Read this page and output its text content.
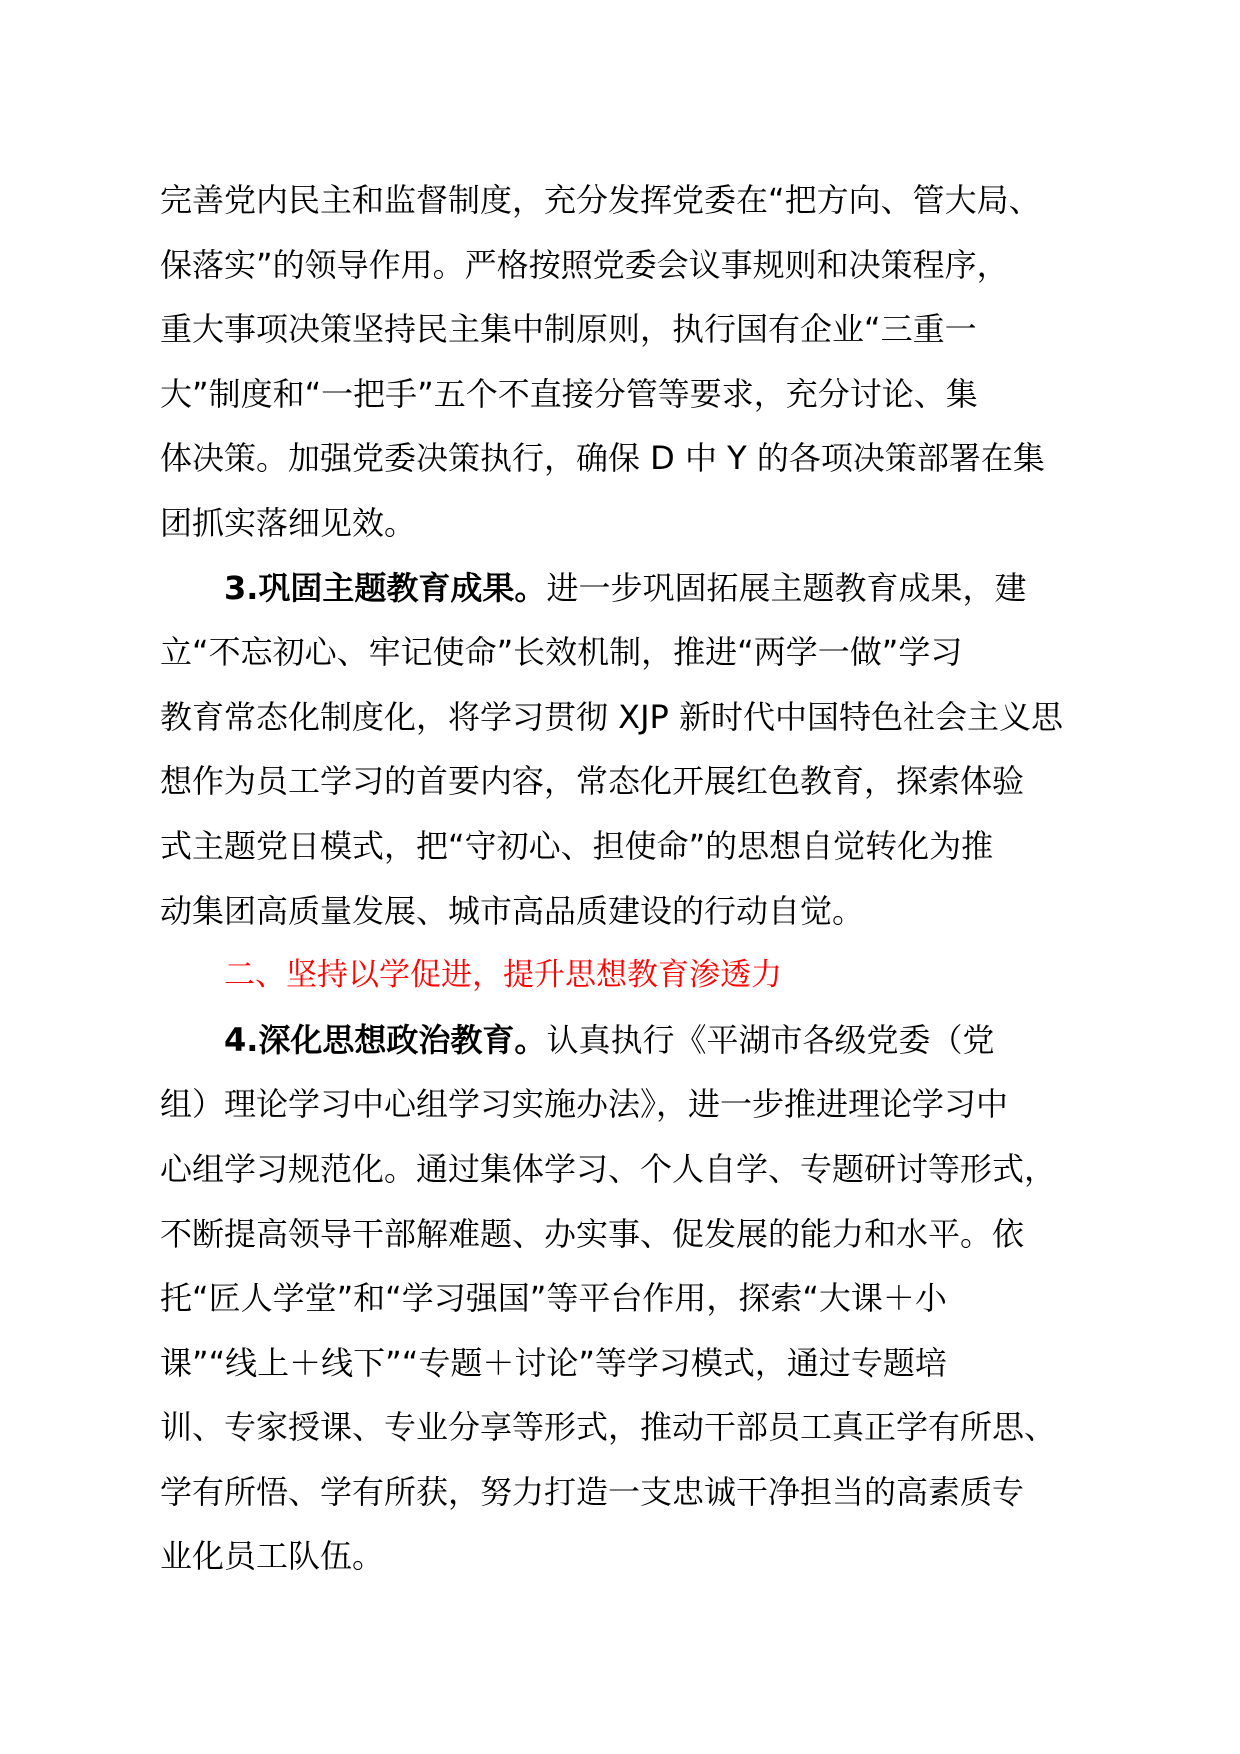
完善党内民主和监督制度，充分发挥党委在“把方向、管大局、
保落实”的领导作用。严格按照党委会议事规则和决策程序，
重大事项决策坚持民主集中制原则，执行国有企业“三重一
大”制度和“一把手”五个不直接分管等要求，充分讨论、集
体决策。加强党委决策执行，确保 D 中 Y 的各项决策部署在集
团抓实落细见效。
3.巩固主题教育成果。进一步巩固拓展主题教育成果，建
立“不忘初心、牢记使命”长效机制，推进“两学一做”学习
教育常态化制度化，将学习贯彻 XJP 新时代中国特色社会主义思
想作为员工学习的首要内容，常态化开展红色教育，探索体验
式主题党日模式，把“守初心、担使命”的思想自觉转化为推
动集团高质量发展、城市高品质建设的行动自觉。
二、坚持以学促进，提升思想教育渗透力
4.深化思想政治教育。认真执行《平湖市各级党委（党
组）理论学习中心组学习实施办法》，进一步推进理论学习中
心组学习规范化。通过集体学习、个人自学、专题研讨等形式，
不断提高领导干部解难题、办实事、促发展的能力和水平。依
托“匠人学堂”和“学习强国”等平台作用，探索“大课＋小
课”“线上＋线下”“专题＋讨论”等学习模式，通过专题培
训、专家授课、专业分享等形式，推动干部员工真正学有所思、
学有所悟、学有所获，努力打造一支忠诚干净担当的高素质专
业化员工队伍。
